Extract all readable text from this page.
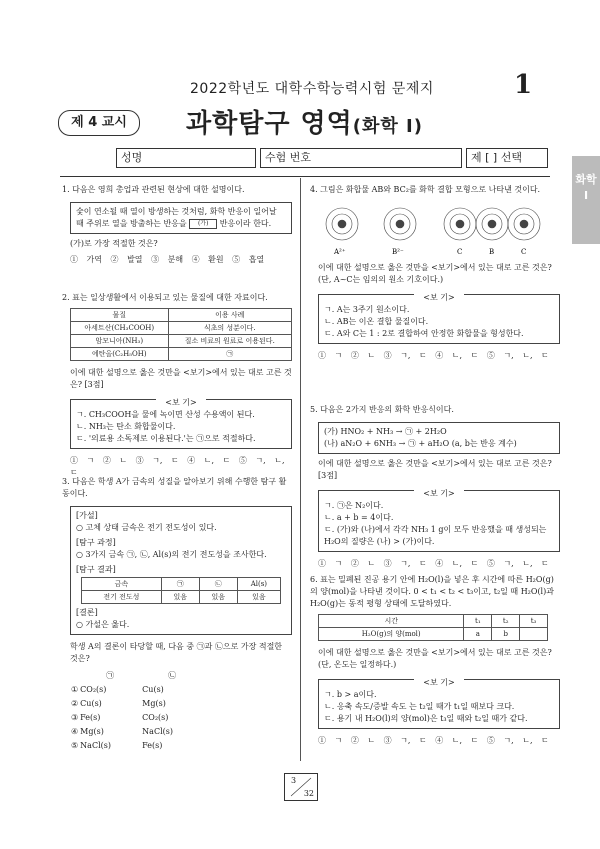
2022학년도 대학수학능력시험 문제지	1
제 4 교시	과학탐구 영역(화학 I)
성명	수험 번호	제 [ ] 선택
화학 Ⅰ
1. 다음은 영희 총업과 관련된 현상에 대한 설명이다.
숯이 연소될 때 열이 방생하는 것처럼, 화학 반응이 일어날 때 주위로 열을 방출하는 반응을 (가) 반응이라 한다.
(가)로 가장 적절한 것은?
① 가역 ② 발열 ③ 분해 ④ 환원 ⑤ 흡열
2. 표는 일상생활에서 이용되고 있는 물질에 대한 자료이다.
물질	이용 사례
아세트산(CH₃COOH)	식초의 성분이다.
암모니아(NH₃)	질소 비료의 원료로 이용된다.
에탄올(C₂H₅OH)	㉠
이에 대한 설명으로 옳은 것만을 <보기>에서 있는 대로 고른 것은? [3점]
<보 기>
ㄱ. CH₃COOH을 물에 녹이면 산성 수용액이 된다.
ㄴ. NH₃는 탄소 화합물이다.
ㄷ. '의료용 소독제로 이용된다.'는 ㉠으로 적절하다.
① ㄱ ② ㄴ ③ ㄱ, ㄷ ④ ㄴ, ㄷ ⑤ ㄱ, ㄴ, ㄷ
3. 다음은 학생 A가 금속의 성질을 알아보기 위해 수행한 탐구 활동이다.
[가설]
○ 고체 상태 금속은 전기 전도성이 있다.
[탐구 과정]
○ 3가지 금속 ㉠, ㉡, Al(s)의 전기 전도성을 조사한다.
[탐구 결과]
금속	㉠	㉡	Al(s)
전기 전도성	있음	있음	있음
[결론]
○ 가설은 옳다.
학생 A의 결론이 타당할 때, 다음 중 ㉠과 ㉡으로 가장 적절한 것은?
	㉠	㉡
①	CO₂(s)	Cu(s)
②	Cu(s)	Mg(s)
③	Fe(s)	CO₂(s)
④	Mg(s)	NaCl(s)
⑤	NaCl(s)	Fe(s)
4. 그림은 화합물 AB와 BC₂를 화학 결합 모형으로 나타낸 것이다.
A²⁺	B²⁻	C	B	C
이에 대한 설명으로 옳은 것만을 <보기>에서 있는 대로 고른 것은? (단, A~C는 임의의 원소 기호이다.)
<보 기>
ㄱ. A는 3주기 원소이다.
ㄴ. AB는 이온 결합 물질이다.
ㄷ. A와 C는 1 : 2로 결합하여 안정한 화합물을 형성한다.
① ㄱ ② ㄴ ③ ㄱ, ㄷ ④ ㄴ, ㄷ ⑤ ㄱ, ㄴ, ㄷ
5. 다음은 2가지 반응의 화학 반응식이다.
(가) HNO₂ + NH₃ → ㉠ + 2H₂O
(나) aN₂O + 6NH₃ → ㉠ + aH₂O (a, b는 반응 계수)
이에 대한 설명으로 옳은 것만을 <보기>에서 있는 대로 고른 것은? [3점]
<보 기>
ㄱ. ㉠은 N₂이다.
ㄴ. a + b = 4이다.
ㄷ. (가)와 (나)에서 각각 NH₃ 1 g이 모두 반응했을 때 생성되는 H₂O의 질량은 (나) > (가)이다.
① ㄱ ② ㄴ ③ ㄱ, ㄷ ④ ㄴ, ㄷ ⑤ ㄱ, ㄴ, ㄷ
6. 표는 밀폐된 진공 용기 안에 H₂O(l)을 넣은 후 시간에 따른 H₂O(g)의 양(mol)을 나타낸 것이다. 0 < t₁ < t₂ < t₃이고, t₂일 때 H₂O(l)과 H₂O(g)는 동적 평형 상태에 도달하였다.
시간	t₁	t₂	t₃
H₂O(g)의 양(mol)	a	b	
이에 대한 설명으로 옳은 것만을 <보기>에서 있는 대로 고른 것은? (단, 온도는 일정하다.)
<보 기>
ㄱ. b > a이다.
ㄴ. 응축 속도/증발 속도 는 t₂일 때가 t₁일 때보다 크다.
ㄷ. 용기 내 H₂O(l)의 양(mol)은 t₃일 때와 t₂일 때가 같다.
① ㄱ ② ㄴ ③ ㄱ, ㄷ ④ ㄴ, ㄷ ⑤ ㄱ, ㄴ, ㄷ
3
32
